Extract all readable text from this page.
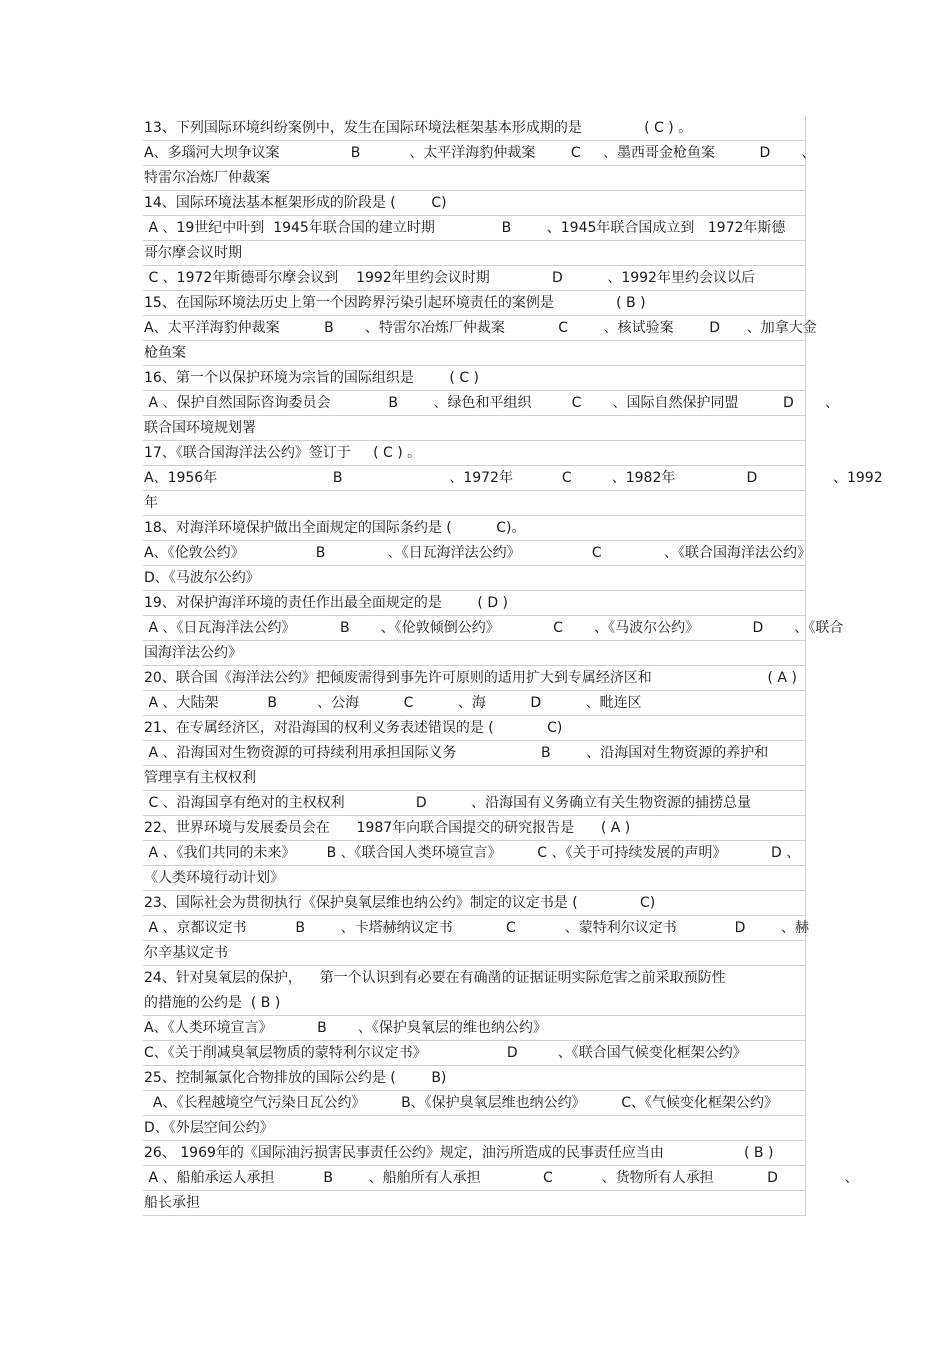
13、下列国际环境纠纷案例中，发生在国际环境法框架基本形成期的是              ( C ) 。
A、多瑙河大坝争议案                B           、太平洋海豹仲裁案        C     、墨西哥金枪鱼案          D       、
特雷尔冶炼厂仲裁案
14、国际环境法基本框架形成的阶段是 (        C)
A 、19世纪中叶到  1945年联合国的建立时期               B        、1945年联合国成立到   1972年斯德
哥尔摩会议时期
C 、1972年斯德哥尔摩会议到    1992年里约会议时期              D          、1992年里约会议以后
15、在国际环境法历史上第一个因跨界污染引起环境责任的案例是              ( B )
A、太平洋海豹仲裁案          B       、特雷尔冶炼厂仲裁案            C        、核试验案        D      、加拿大金
枪鱼案
16、第一个以保护环境为宗旨的国际组织是        ( C )
A 、保护自然国际咨询委员会             B        、绿色和平组织         C       、国际自然保护同盟          D       、
联合国环境规划署
17、《联合国海洋法公约》签订于     ( C ) 。
A、1956年                          B                        、1972年           C         、1982年                D                 、1992
年
18、对海洋环境保护做出全面规定的国际条约是 (          C)。
A、《伦敦公约》                B              、《日瓦海洋法公约》                C              、《联合国海洋法公约》
D、《马波尔公约》
19、对保护海洋环境的责任作出最全面规定的是        ( D )
A 、《日瓦海洋法公约》          B       、《伦敦倾倒公约》            C       、《马波尔公约》            D       、《联合
国海洋法公约》
20、联合国《海洋法公约》把倾废需得到事先许可原则的适用扩大到专属经济区和                          ( A )
A 、大陆架           B         、公海          C          、海          D          、毗连区
21、在专属经济区，对沿海国的权利义务表述错误的是 (            C)
A 、沿海国对生物资源的可持续利用承担国际义务                   B        、沿海国对生物资源的养护和
管理享有主权权利
C 、沿海国享有绝对的主权权利                D          、沿海国有义务确立有关生物资源的捕捞总量
22、世界环境与发展委员会在      1987年向联合国提交的研究报告是      ( A )
A 、《我们共同的未来》       B 、《联合国人类环境宣言》        C 、《关于可持续发展的声明》          D 、
《人类环境行动计划》
23、国际社会为贯彻执行《保护臭氧层维也纳公约》制定的议定书是 (              C)
A 、京都议定书           B        、卡塔赫纳议定书            C           、蒙特利尔议定书             D        、赫
尔辛基议定书
24、针对臭氧层的保护，    第一个认识到有必要在有确凿的证据证明实际危害之前采取预防性
的措施的公约是  ( B )
A、《人类环境宣言》          B       、《保护臭氧层的维也纳公约》
C、《关于削减臭氧层物质的蒙特利尔议定书》                  D         、《联合国气候变化框架公约》
25、控制氟氯化合物排放的国际公约是 (        B)
A、《长程越境空气污染日瓦公约》        B、《保护臭氧层维也纳公约》        C、《气候变化框架公约》
D、《外层空间公约》
26、 1969年的《国际油污损害民事责任公约》规定，油污所造成的民事责任应当由                  ( B )
A 、船舶承运人承担           B        、船舶所有人承担              C           、货物所有人承担            D               、
船长承担
